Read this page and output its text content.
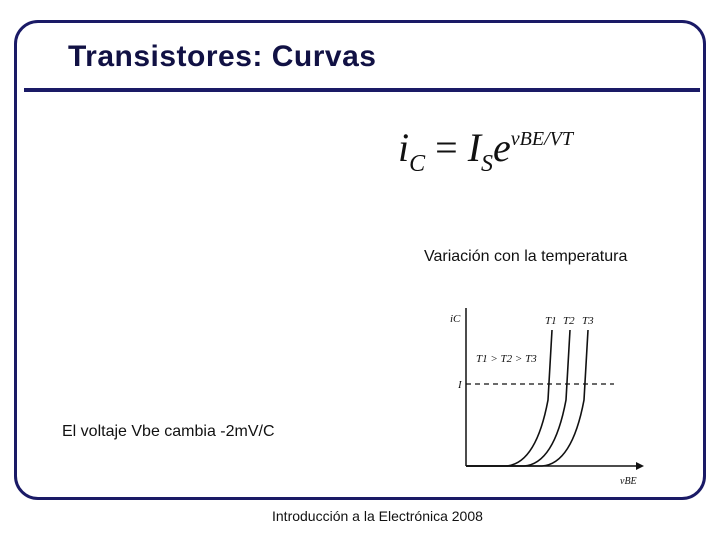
Transistores: Curvas
$i_C = I_Se^{vBE/VT}$
Variación con la temperatura
iC
vBE
I
T1 T2 T3
T1 > T2 > T3
El voltaje Vbe cambia -2mV/C
Introducción a la Electrónica 2008
